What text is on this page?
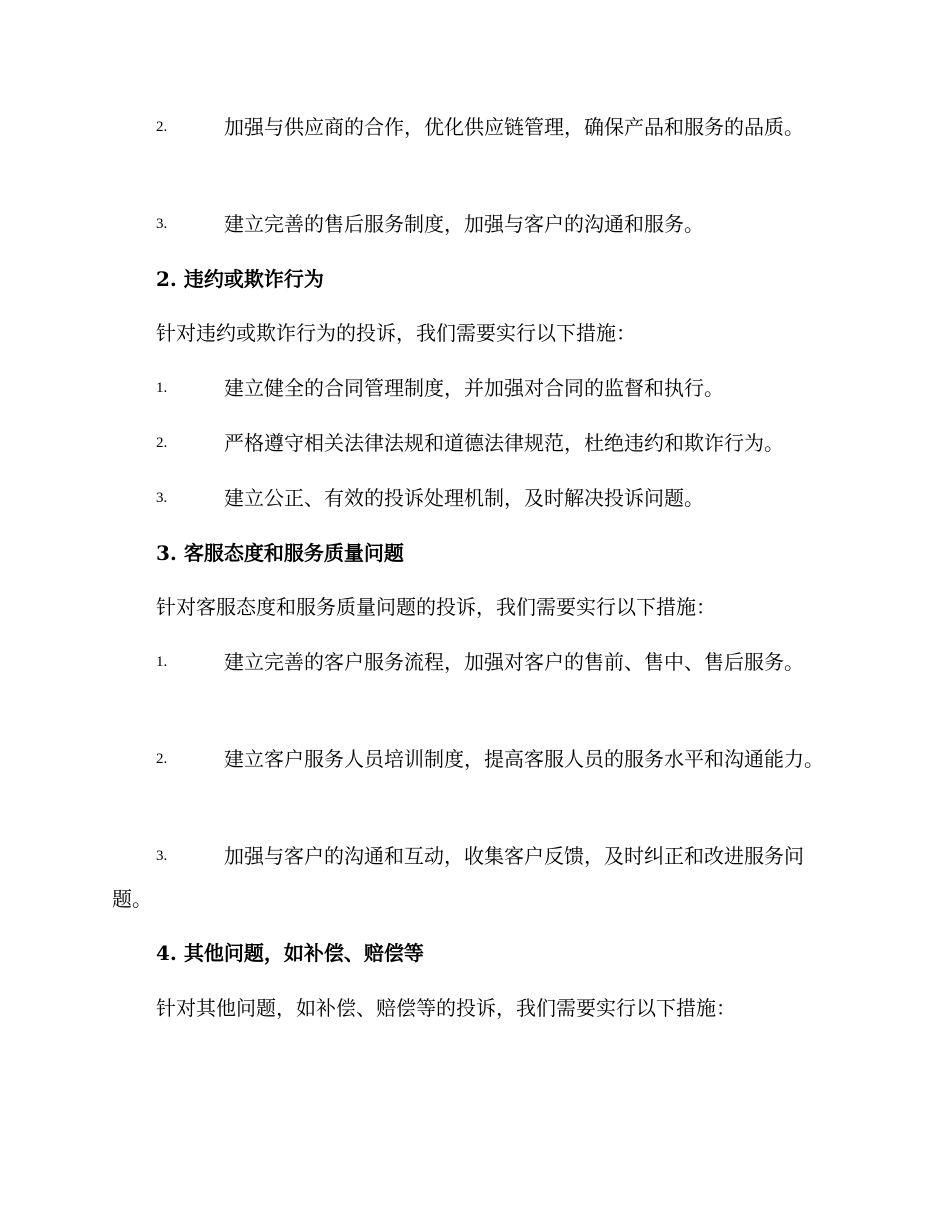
2.	加强与供应商的合作，优化供应链管理，确保产品和服务的品质。
3.	建立完善的售后服务制度，加强与客户的沟通和服务。
2. 违约或欺诈行为
针对违约或欺诈行为的投诉，我们需要实行以下措施：
1.	建立健全的合同管理制度，并加强对合同的监督和执行。
2.	严格遵守相关法律法规和道德法律规范，杜绝违约和欺诈行为。
3.	建立公正、有效的投诉处理机制，及时解决投诉问题。
3. 客服态度和服务质量问题
针对客服态度和服务质量问题的投诉，我们需要实行以下措施：
1.	建立完善的客户服务流程，加强对客户的售前、售中、售后服务。
2.	建立客户服务人员培训制度，提高客服人员的服务水平和沟通能力。
3.	加强与客户的沟通和互动，收集客户反馈，及时纠正和改进服务问题。
4. 其他问题，如补偿、赔偿等
针对其他问题，如补偿、赔偿等的投诉，我们需要实行以下措施：
